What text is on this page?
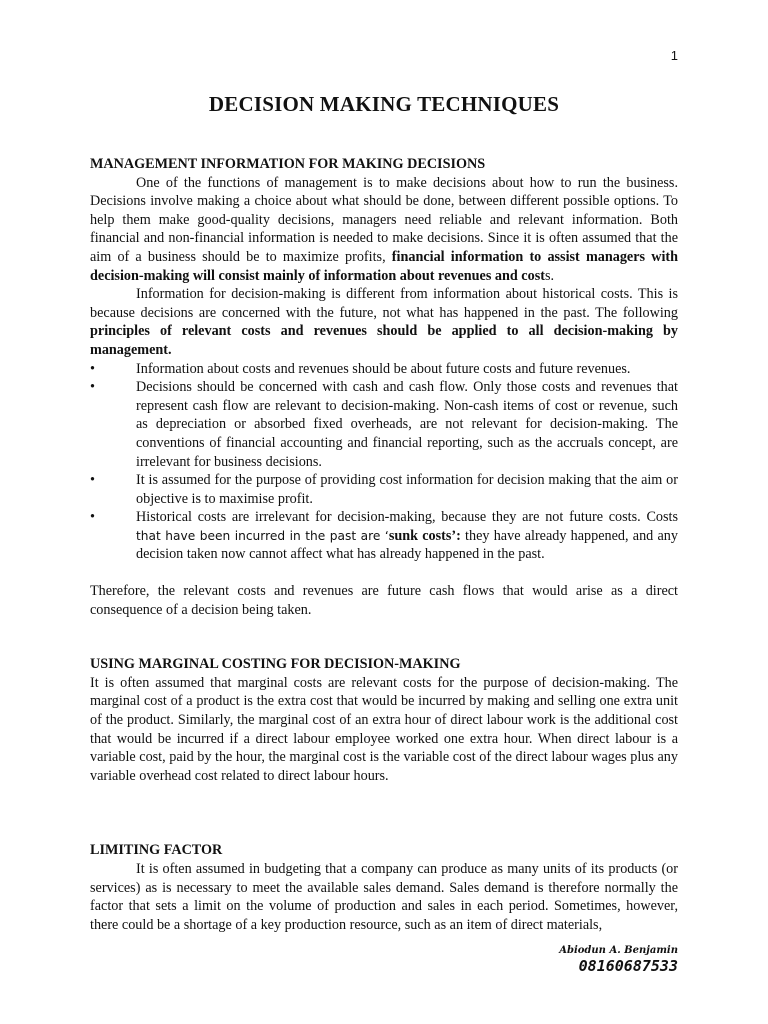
1
DECISION MAKING TECHNIQUES
MANAGEMENT INFORMATION FOR MAKING DECISIONS

One of the functions of management is to make decisions about how to run the business. Decisions involve making a choice about what should be done, between different possible options. To help them make good-quality decisions, managers need reliable and relevant information. Both financial and non-financial information is needed to make decisions. Since it is often assumed that the aim of a business should be to maximize profits, financial information to assist managers with decision-making will consist mainly of information about revenues and costs.

Information for decision-making is different from information about historical costs. This is because decisions are concerned with the future, not what has happened in the past. The following principles of relevant costs and revenues should be applied to all decision-making by management.

•	Information about costs and revenues should be about future costs and future revenues.
•	Decisions should be concerned with cash and cash flow. Only those costs and revenues that represent cash flow are relevant to decision-making. Non-cash items of cost or revenue, such as depreciation or absorbed fixed overheads, are not relevant for decision-making. The conventions of financial accounting and financial reporting, such as the accruals concept, are irrelevant for business decisions.
•	It is assumed for the purpose of providing cost information for decision making that the aim or objective is to maximise profit.
•	Historical costs are irrelevant for decision-making, because they are not future costs. Costs that have been incurred in the past are ‘sunk costs’: they have already happened, and any decision taken now cannot affect what has already happened in the past.

Therefore, the relevant costs and revenues are future cash flows that would arise as a direct consequence of a decision being taken.

USING MARGINAL COSTING FOR DECISION-MAKING

It is often assumed that marginal costs are relevant costs for the purpose of decision-making. The marginal cost of a product is the extra cost that would be incurred by making and selling one extra unit of the product. Similarly, the marginal cost of an extra hour of direct labour work is the additional cost that would be incurred if a direct labour employee worked one extra hour. When direct labour is a variable cost, paid by the hour, the marginal cost is the variable cost of the direct labour wages plus any variable overhead cost related to direct labour hours.

LIMITING FACTOR

It is often assumed in budgeting that a company can produce as many units of its products (or services) as is necessary to meet the available sales demand. Sales demand is therefore normally the factor that sets a limit on the volume of production and sales in each period. Sometimes, however, there could be a shortage of a key production resource, such as an item of direct materials,

Abiodun A. Benjamin
08160687533
